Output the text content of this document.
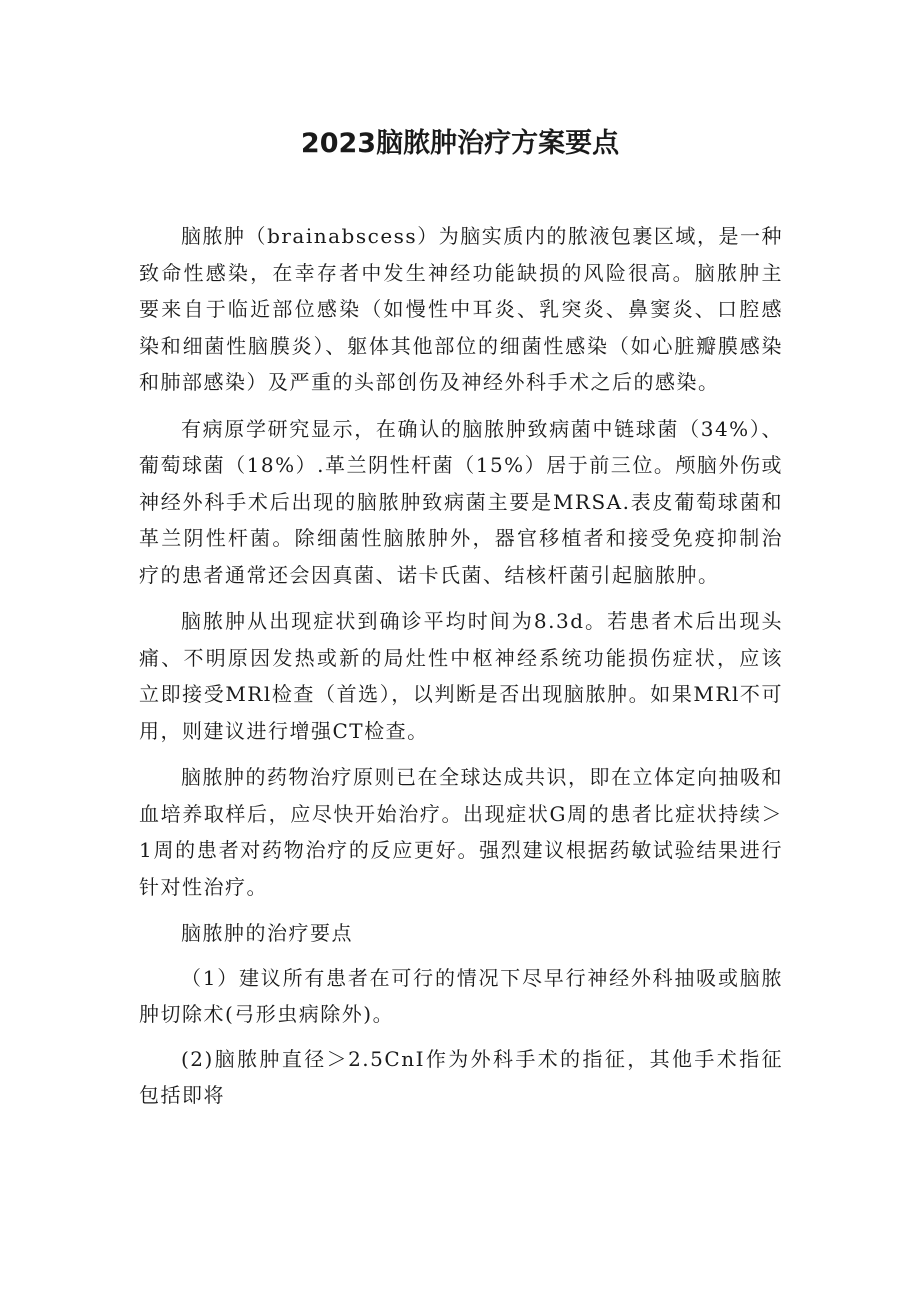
2023脑脓肿治疗方案要点

脑脓肿（brainabscess）为脑实质内的脓液包裹区域，是一种致命性感染，在幸存者中发生神经功能缺损的风险很高。脑脓肿主要来自于临近部位感染（如慢性中耳炎、乳突炎、鼻窦炎、口腔感染和细菌性脑膜炎）、躯体其他部位的细菌性感染（如心脏瓣膜感染和肺部感染）及严重的头部创伤及神经外科手术之后的感染。

有病原学研究显示，在确认的脑脓肿致病菌中链球菌（34%）、葡萄球菌（18%）.革兰阴性杆菌（15%）居于前三位。颅脑外伤或神经外科手术后出现的脑脓肿致病菌主要是MRSA.表皮葡萄球菌和革兰阴性杆菌。除细菌性脑脓肿外，器官移植者和接受免疫抑制治疗的患者通常还会因真菌、诺卡氏菌、结核杆菌引起脑脓肿。

脑脓肿从出现症状到确诊平均时间为8.3d。若患者术后出现头痛、不明原因发热或新的局灶性中枢神经系统功能损伤症状，应该立即接受MRl检查（首选），以判断是否出现脑脓肿。如果MRl不可用，则建议进行增强CT检查。

脑脓肿的药物治疗原则已在全球达成共识，即在立体定向抽吸和血培养取样后，应尽快开始治疗。出现症状G周的患者比症状持续＞1周的患者对药物治疗的反应更好。强烈建议根据药敏试验结果进行针对性治疗。

脑脓肿的治疗要点

（1）建议所有患者在可行的情况下尽早行神经外科抽吸或脑脓肿切除术(弓形虫病除外)。

(2)脑脓肿直径＞2.5CnI作为外科手术的指征，其他手术指征包括即将
